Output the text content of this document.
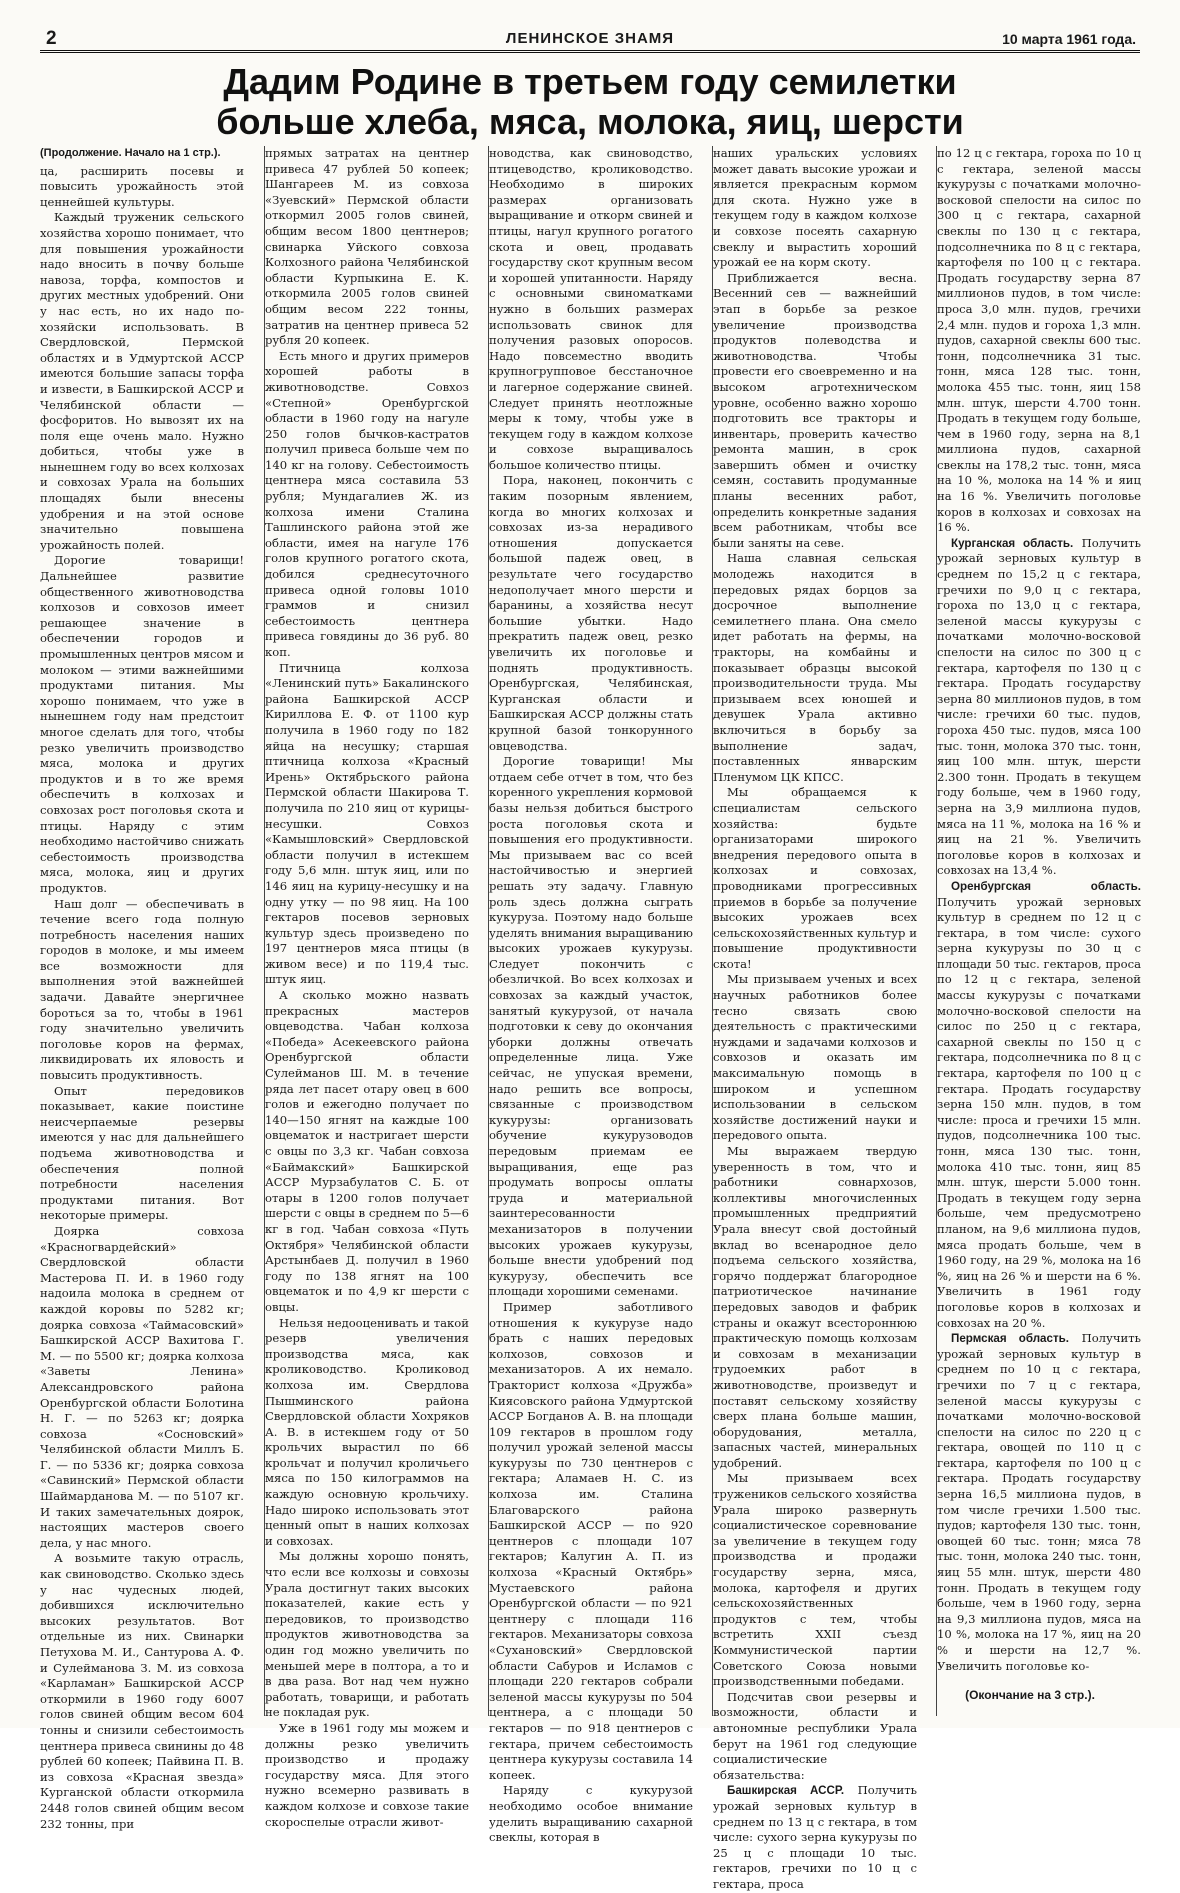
2	ЛЕНИНСКОЕ ЗНАМЯ	10 марта 1961 года.
Дадим Родине в третьем году семилетки
больше хлеба, мяса, молока, яиц, шерсти
(Продолжение. Начало на 1 стр.).

ца, расширить посевы и повысить урожайность этой ценнейшей культуры.

Каждый труженик сельского хозяйства хорошо понимает, что для повышения урожайности надо вносить в почву больше навоза, торфа, компостов и других местных удобрений. Они у нас есть, но их надо по-хозяйски использовать. В Свердловской, Пермской областях и в Удмуртской АССР имеются большие запасы торфа и извести, в Башкирской АССР и Челябинской области — фосфоритов. Но вывозят их на поля еще очень мало. Нужно добиться, чтобы уже в нынешнем году во всех колхозах и совхозах Урала на больших площадях были внесены удобрения и на этой основе значительно повышена урожайность полей.

Дорогие товарищи! Дальнейшее развитие общественного животноводства колхозов и совхозов имеет решающее значение в обеспечении городов и промышленных центров мясом и молоком — этими важнейшими продуктами питания. Мы хорошо понимаем, что уже в нынешнем году нам предстоит многое сделать для того, чтобы резко увеличить производство мяса, молока и других продуктов и в то же время обеспечить в колхозах и совхозах рост поголовья скота и птицы. Наряду с этим необходимо настойчиво снижать себестоимость производства мяса, молока, яиц и других продуктов.

Наш долг — обеспечивать в течение всего года полную потребность населения наших городов в молоке, и мы имеем все возможности для выполнения этой важнейшей задачи. Давайте энергичнее бороться за то, чтобы в 1961 году значительно увеличить поголовье коров на фермах, ликвидировать их яловость и повысить продуктивность.

Опыт передовиков показывает, какие поистине неисчерпаемые резервы имеются у нас для дальнейшего подъема животноводства и обеспечения полной потребности населения продуктами питания. Вот некоторые примеры.

Доярка совхоза «Красногвардейский» Свердловской области Мастерова П. И. в 1960 году надоила молока в среднем от каждой коровы по 5282 кг; доярка совхоза «Таймасовский» Башкирской АССР Вахитова Г. М. — по 5500 кг; доярка колхоза «Заветы Ленина» Александровского района Оренбургской области Болотина Н. Г. — по 5263 кг; доярка совхоза «Сосновский» Челябинской области Миллъ Б. Г. — по 5336 кг; доярка совхоза «Савинский» Пермской области Шаймарданова М. — по 5107 кг. И таких замечательных доярок, настоящих мастеров своего дела, у нас много.

А возьмите такую отрасль, как свиноводство. Сколько здесь у нас чудесных людей, добившихся исключительно высоких результатов. Вот отдельные из них. Свинарки Петухова М. И., Сантурова А. Ф. и Сулейманова З. М. из совхоза «Карламан» Башкирской АССР откормили в 1960 году 6007 голов свиней общим весом 604 тонны и снизили себестоимость центнера привеса свинины до 48 рублей 60 копеек; Пайвина П. В. из совхоза «Красная звезда» Курганской области откормила 2448 голов свиней общим весом 232 тонны, при

прямых затратах на центнер привеса 47 рублей 50 копеек; Шангареев М. из совхоза «Зуевский» Пермской области откормил 2005 голов свиней, общим весом 1800 центнеров; свинарка Уйского совхоза Колхозного района Челябинской области Курпыкина Е. К. откормила 2005 голов свиней общим весом 222 тонны, затратив на центнер привеса 52 рубля 20 копеек.

Есть много и других примеров хорошей работы в животноводстве. Совхоз «Степной» Оренбургской области в 1960 году на нагуле 250 голов бычков-кастратов получил привеса больше чем по 140 кг на голову. Себестоимость центнера мяса составила 53 рубля; Мундагалиев Ж. из колхоза имени Сталина Ташлинского района этой же области, имея на нагуле 176 голов крупного рогатого скота, добился среднесуточного привеса одной головы 1010 граммов и снизил себестоимость центнера привеса говядины до 36 руб. 80 коп.

Птичница колхоза «Ленинский путь» Бакалинского района Башкирской АССР Кириллова Е. Ф. от 1100 кур получила в 1960 году по 182 яйца на несушку; старшая птичница колхоза «Красный Ирень» Октябрьского района Пермской области Шакирова Т. получила по 210 яиц от курицы-несушки. Совхоз «Камышловский» Свердловской области получил в истекшем году 5,6 млн. штук яиц, или по 146 яиц на курицу-несушку и на одну утку — по 98 яиц. На 100 гектаров посевов зерновых культур здесь произведено по 197 центнеров мяса птицы (в живом весе) и по 119,4 тыс. штук яиц.

А сколько можно назвать прекрасных мастеров овцеводства. Чабан колхоза «Победа» Асекеевского района Оренбургской области Сулейманов Ш. М. в течение ряда лет пасет отару овец в 600 голов и ежегодно получает по 140—150 ягнят на каждые 100 овцематок и настригает шерсти с овцы по 3,3 кг. Чабан совхоза «Баймакский» Башкирской АССР Мурзабулатов С. Б. от отары в 1200 голов получает шерсти с овцы в среднем по 5—6 кг в год. Чабан совхоза «Путь Октября» Челябинской области Арстынбаев Д. получил в 1960 году по 138 ягнят на 100 овцематок и по 4,9 кг шерсти с овцы.

Нельзя недооценивать и такой резерв увеличения производства мяса, как кролиководство. Кроликовод колхоза им. Свердлова Пышминского района Свердловской области Хохряков А. В. в истекшем году от 50 крольчих вырастил по 66 крольчат и получил кроличьего мяса по 150 килограммов на каждую основную крольчиху. Надо широко использовать этот ценный опыт в наших колхозах и совхозах.

Мы должны хорошо понять, что если все колхозы и совхозы Урала достигнут таких высоких показателей, какие есть у передовиков, то производство продуктов животноводства за один год можно увеличить по меньшей мере в полтора, а то и в два раза. Вот над чем нужно работать, товарищи, и работать не покладая рук.

Уже в 1961 году мы можем и должны резко увеличить производство и продажу государству мяса. Для этого нужно всемерно развивать в каждом колхозе и совхозе такие скороспелые отрасли живот-

новодства, как свиноводство, птицеводство, кролиководство. Необходимо в широких размерах организовать выращивание и откорм свиней и птицы, нагул крупного рогатого скота и овец, продавать государству скот крупным весом и хорошей упитанности. Наряду с основными свиноматками нужно в больших размерах использовать свинок для получения разовых опоросов. Надо повсеместно вводить крупногрупповое бесстаночное и лагерное содержание свиней. Следует принять неотложные меры к тому, чтобы уже в текущем году в каждом колхозе и совхозе выращивалось большое количество птицы.

Пора, наконец, покончить с таким позорным явлением, когда во многих колхозах и совхозах из-за нерадивого отношения допускается большой падеж овец, в результате чего государство недополучает много шерсти и баранины, а хозяйства несут большие убытки. Надо прекратить падеж овец, резко увеличить их поголовье и поднять продуктивность. Оренбургская, Челябинская, Курганская области и Башкирская АССР должны стать крупной базой тонкорунного овцеводства.

Дорогие товарищи! Мы отдаем себе отчет в том, что без коренного укрепления кормовой базы нельзя добиться быстрого роста поголовья скота и повышения его продуктивности. Мы призываем вас со всей настойчивостью и энергией решать эту задачу. Главную роль здесь должна сыграть кукуруза. Поэтому надо больше уделять внимания выращиванию высоких урожаев кукурузы. Следует покончить с обезличкой. Во всех колхозах и совхозах за каждый участок, занятый кукурузой, от начала подготовки к севу до окончания уборки должны отвечать определенные лица. Уже сейчас, не упуская времени, надо решить все вопросы, связанные с производством кукурузы: организовать обучение кукурузоводов передовым приемам ее выращивания, еще раз продумать вопросы оплаты труда и материальной заинтересованности механизаторов в получении высоких урожаев кукурузы, больше внести удобрений под кукурузу, обеспечить все площади хорошими семенами.

Пример заботливого отношения к кукурузе надо брать с наших передовых колхозов, совхозов и механизаторов. А их немало. Тракторист колхоза «Дружба» Киясовского района Удмуртской АССР Богданов А. В. на площади 109 гектаров в прошлом году получил урожай зеленой массы кукурузы по 730 центнеров с гектара; Аламаев Н. С. из колхоза им. Сталина Благоварского района Башкирской АССР — по 920 центнеров с площади 107 гектаров; Калугин А. П. из колхоза «Красный Октябрь» Мустаевского района Оренбургской области — по 921 центнеру с площади 116 гектаров. Механизаторы совхоза «Сухановский» Свердловской области Сабуров и Исламов с площади 220 гектаров собрали зеленой массы кукурузы по 504 центнера, а с площади 50 гектаров — по 918 центнеров с гектара, причем себестоимость центнера кукурузы составила 14 копеек.

Наряду с кукурузой необходимо особое внимание уделить выращиванию сахарной свеклы, которая в

наших уральских условиях может давать высокие урожаи и является прекрасным кормом для скота. Нужно уже в текущем году в каждом колхозе и совхозе посеять сахарную свеклу и вырастить хороший урожай ее на корм скоту.

Приближается весна. Весенний сев — важнейший этап в борьбе за резкое увеличение производства продуктов полеводства и животноводства. Чтобы провести его своевременно и на высоком агротехническом уровне, особенно важно хорошо подготовить все тракторы и инвентарь, проверить качество ремонта машин, в срок завершить обмен и очистку семян, составить продуманные планы весенних работ, определить конкретные задания всем работникам, чтобы все были заняты на севе.

Наша славная сельская молодежь находится в передовых рядах борцов за досрочное выполнение семилетнего плана. Она смело идет работать на фермы, на тракторы, на комбайны и показывает образцы высокой производительности труда. Мы призываем всех юношей и девушек Урала активно включиться в борьбу за выполнение задач, поставленных январским Пленумом ЦК КПСС.

Мы обращаемся к специалистам сельского хозяйства: будьте организаторами широкого внедрения передового опыта в колхозах и совхозах, проводниками прогрессивных приемов в борьбе за получение высоких урожаев всех сельскохозяйственных культур и повышение продуктивности скота!

Мы призываем ученых и всех научных работников более тесно связать свою деятельность с практическими нуждами и задачами колхозов и совхозов и оказать им максимальную помощь в широком и успешном использовании в сельском хозяйстве достижений науки и передового опыта.

Мы выражаем твердую уверенность в том, что и работники совнархозов, коллективы многочисленных промышленных предприятий Урала внесут свой достойный вклад во всенародное дело подъема сельского хозяйства, горячо поддержат благородное патриотическое начинание передовых заводов и фабрик страны и окажут всестороннюю практическую помощь колхозам и совхозам в механизации трудоемких работ в животноводстве, произведут и поставят сельскому хозяйству сверх плана больше машин, оборудования, металла, запасных частей, минеральных удобрений.

Мы призываем всех тружеников сельского хозяйства Урала широко развернуть социалистическое соревнование за увеличение в текущем году производства и продажи государству зерна, мяса, молока, картофеля и других сельскохозяйственных продуктов с тем, чтобы встретить XXII съезд Коммунистической партии Советского Союза новыми производственными победами.

Подсчитав свои резервы и возможности, области и автономные республики Урала берут на 1961 год следующие социалистические обязательства:

Башкирская АССР. Получить урожай зерновых культур в среднем по 13 ц с гектара, в том числе: сухого зерна кукурузы по 25 ц с площади 10 тыс. гектаров, гречихи по 10 ц с гектара, проса

по 12 ц с гектара, гороха по 10 ц с гектара, зеленой массы кукурузы с початками молочно-восковой спелости на силос по 300 ц с гектара, сахарной свеклы по 130 ц с гектара, подсолнечника по 8 ц с гектара, картофеля по 100 ц с гектара. Продать государству зерна 87 миллионов пудов, в том числе: проса 3,0 млн. пудов, гречихи 2,4 млн. пудов и гороха 1,3 млн. пудов, сахарной свеклы 600 тыс. тонн, подсолнечника 31 тыс. тонн, мяса 128 тыс. тонн, молока 455 тыс. тонн, яиц 158 млн. штук, шерсти 4.700 тонн. Продать в текущем году больше, чем в 1960 году, зерна на 8,1 миллиона пудов, сахарной свеклы на 178,2 тыс. тонн, мяса на 10 %, молока на 14 % и яиц на 16 %. Увеличить поголовье коров в колхозах и совхозах на 16 %.

Курганская область. Получить урожай зерновых культур в среднем по 15,2 ц с гектара, гречихи по 9,0 ц с гектара, гороха по 13,0 ц с гектара, зеленой массы кукурузы с початками молочно-восковой спелости на силос по 300 ц с гектара, картофеля по 130 ц с гектара. Продать государству зерна 80 миллионов пудов, в том числе: гречихи 60 тыс. пудов, гороха 450 тыс. пудов, мяса 100 тыс. тонн, молока 370 тыс. тонн, яиц 100 млн. штук, шерсти 2.300 тонн. Продать в текущем году больше, чем в 1960 году, зерна на 3,9 миллиона пудов, мяса на 11 %, молока на 16 % и яиц на 21 %. Увеличить поголовье коров в колхозах и совхозах на 13,4 %.

Оренбургская область. Получить урожай зерновых культур в среднем по 12 ц с гектара, в том числе: сухого зерна кукурузы по 30 ц с площади 50 тыс. гектаров, проса по 12 ц с гектара, зеленой массы кукурузы с початками молочно-восковой спелости на силос по 250 ц с гектара, сахарной свеклы по 150 ц с гектара, подсолнечника по 8 ц с гектара, картофеля по 100 ц с гектара. Продать государству зерна 150 млн. пудов, в том числе: проса и гречихи 15 млн. пудов, подсолнечника 100 тыс. тонн, мяса 130 тыс. тонн, молока 410 тыс. тонн, яиц 85 млн. штук, шерсти 5.000 тонн. Продать в текущем году зерна больше, чем предусмотрено планом, на 9,6 миллиона пудов, мяса продать больше, чем в 1960 году, на 29 %, молока на 16 %, яиц на 26 % и шерсти на 6 %. Увеличить в 1961 году поголовье коров в колхозах и совхозах на 20 %.

Пермская область. Получить урожай зерновых культур в среднем по 10 ц с гектара, гречихи по 7 ц с гектара, зеленой массы кукурузы с початками молочно-восковой спелости на силос по 220 ц с гектара, овощей по 110 ц с гектара, картофеля по 100 ц с гектара. Продать государству зерна 16,5 миллиона пудов, в том числе гречихи 1.500 тыс. пудов; картофеля 130 тыс. тонн, овощей 60 тыс. тонн; мяса 78 тыс. тонн, молока 240 тыс. тонн, яиц 55 млн. штук, шерсти 480 тонн. Продать в текущем году больше, чем в 1960 году, зерна на 9,3 миллиона пудов, мяса на 10 %, молока на 17 %, яиц на 20 % и шерсти на 12,7 %. Увеличить поголовье ко-

(Окончание на 3 стр.).
